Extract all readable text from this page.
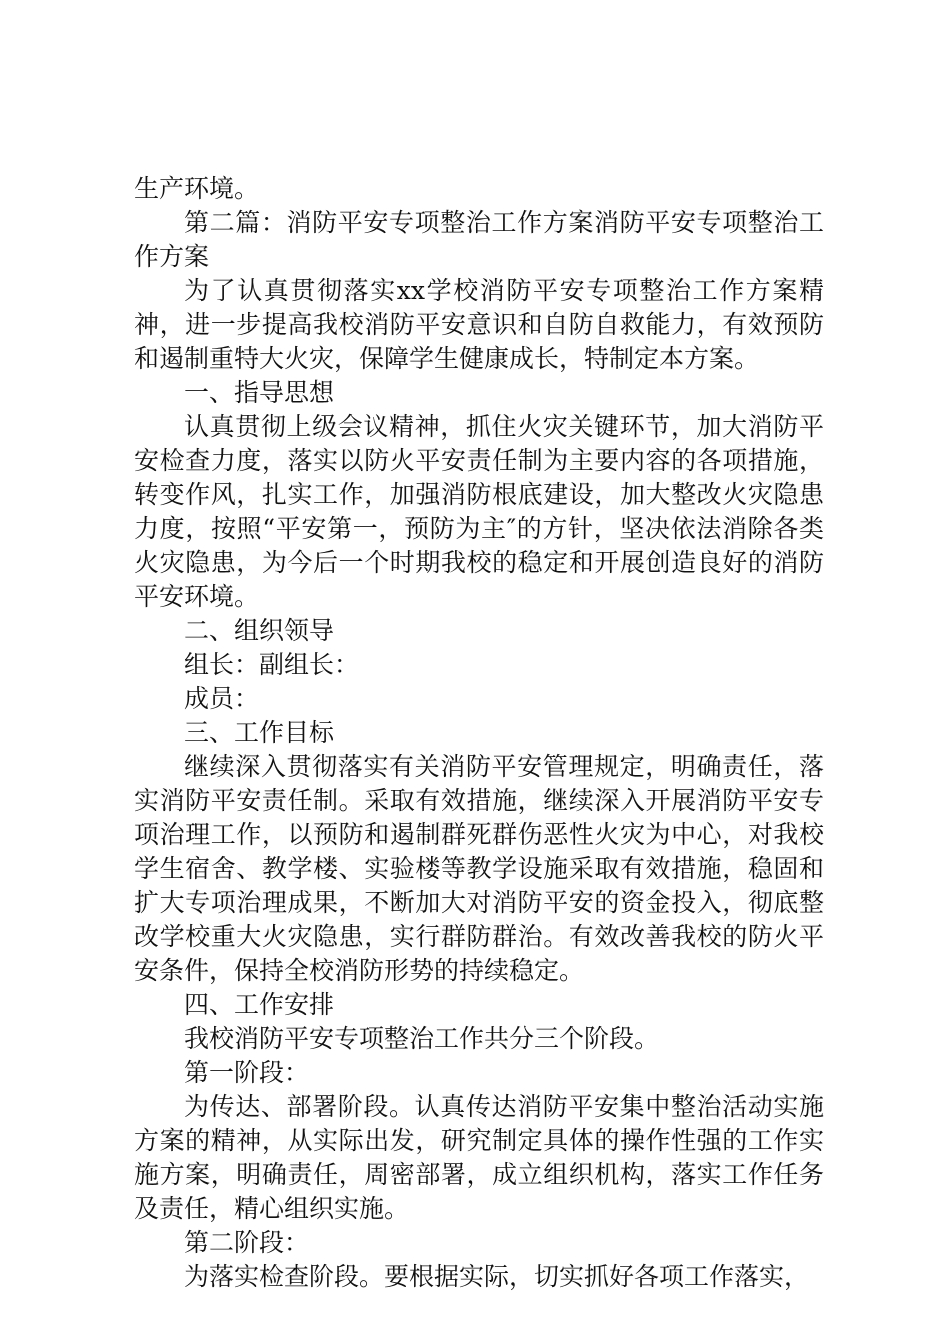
生产环境。

第二篇：消防平安专项整治工作方案消防平安专项整治工作方案

为了认真贯彻落实xx学校消防平安专项整治工作方案精神，进一步提高我校消防平安意识和自防自救能力，有效预防和遏制重特大火灾，保障学生健康成长，特制定本方案。

一、指导思想

认真贯彻上级会议精神，抓住火灾关键环节，加大消防平安检查力度，落实以防火平安责任制为主要内容的各项措施，转变作风，扎实工作，加强消防根底建设，加大整改火灾隐患力度，按照“平安第一，预防为主″的方针，坚决依法消除各类火灾隐患，为今后一个时期我校的稳定和开展创造良好的消防平安环境。

二、组织领导

组长：副组长：

成员：

三、工作目标

继续深入贯彻落实有关消防平安管理规定，明确责任，落实消防平安责任制。采取有效措施，继续深入开展消防平安专项治理工作，以预防和遏制群死群伤恶性火灾为中心，对我校学生宿舍、教学楼、实验楼等教学设施采取有效措施，稳固和扩大专项治理成果，不断加大对消防平安的资金投入，彻底整改学校重大火灾隐患，实行群防群治。有效改善我校的防火平安条件，保持全校消防形势的持续稳定。

四、工作安排

我校消防平安专项整治工作共分三个阶段。

第一阶段：

为传达、部署阶段。认真传达消防平安集中整治活动实施方案的精神，从实际出发，研究制定具体的操作性强的工作实施方案，明确责任，周密部署，成立组织机构，落实工作任务及责任，精心组织实施。

第二阶段：

为落实检查阶段。要根据实际，切实抓好各项工作落实，
